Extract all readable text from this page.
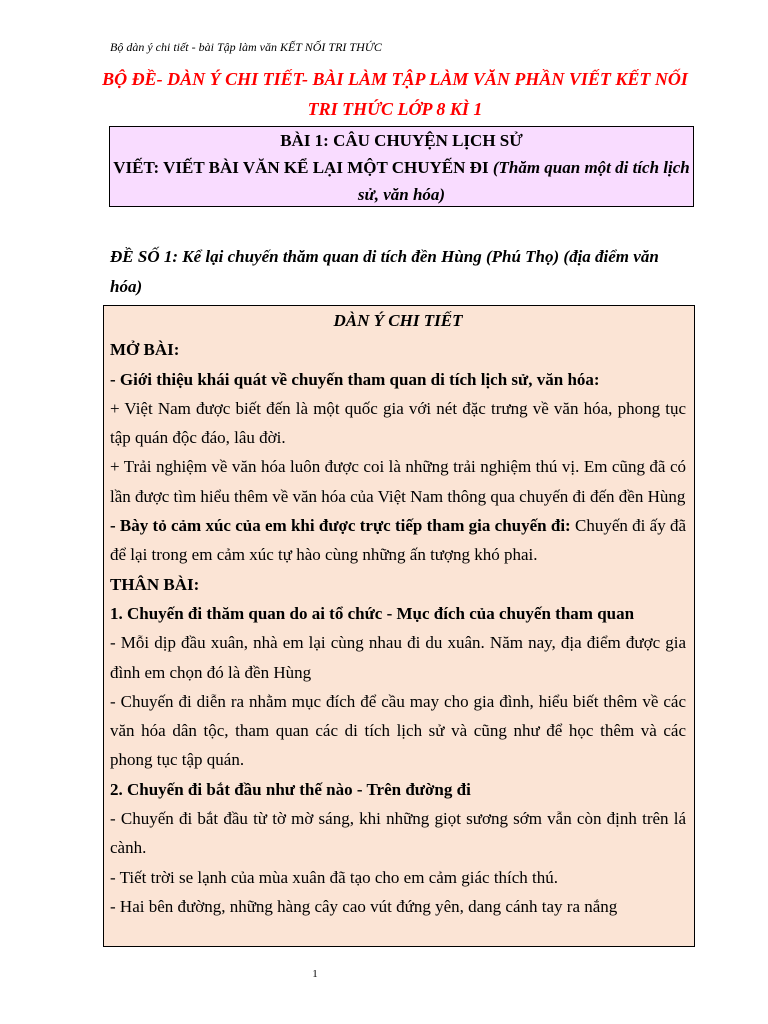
Bộ dàn ý chi tiết - bài Tập làm văn KẾT NỐI TRI THỨC
BỘ ĐỀ- DÀN Ý CHI TIẾT- BÀI LÀM TẬP LÀM VĂN PHẦN VIẾT KẾT NỐI TRI THỨC LỚP 8 KÌ 1
BÀI 1: CÂU CHUYỆN LỊCH SỬ
VIẾT: VIẾT BÀI VĂN KỂ LẠI MỘT CHUYẾN ĐI (Thăm quan một di tích lịch sử, văn hóa)
ĐỀ SỐ 1: Kể lại chuyến thăm quan di tích đền Hùng (Phú Thọ) (địa điểm văn hóa)

DÀN Ý CHI TIẾT

MỞ BÀI:

- Giới thiệu khái quát về chuyến tham quan di tích lịch sử, văn hóa:

+ Việt Nam được biết đến là một quốc gia với nét đặc trưng về văn hóa, phong tục tập quán độc đáo, lâu đời.

+ Trải nghiệm về văn hóa luôn được coi là những trải nghiệm thú vị. Em cũng đã có lần được tìm hiểu thêm về văn hóa của Việt Nam thông qua chuyến đi đến đền Hùng

- Bày tỏ cảm xúc của em khi được trực tiếp tham gia chuyến đi: Chuyến đi ấy đã để lại trong em cảm xúc tự hào cùng những ấn tượng khó phai.

THÂN BÀI:

1. Chuyến đi thăm quan do ai tổ chức - Mục đích của chuyến tham quan

- Mỗi dịp đầu xuân, nhà em lại cùng nhau đi du xuân. Năm nay, địa điểm được gia đình em chọn đó là đền Hùng

- Chuyến đi diễn ra nhằm mục đích để cầu may cho gia đình, hiểu biết thêm về các văn hóa dân tộc, tham quan các di tích lịch sử và cũng như để học thêm và các phong tục tập quán.

2. Chuyến đi bắt đầu như thế nào - Trên đường đi

- Chuyến đi bắt đầu từ tờ mờ sáng, khi những giọt sương sớm vẫn còn định trên lá cành.

- Tiết trời se lạnh của mùa xuân đã tạo cho em cảm giác thích thú.

- Hai bên đường, những hàng cây cao vút đứng yên, dang cánh tay ra nắng

1
